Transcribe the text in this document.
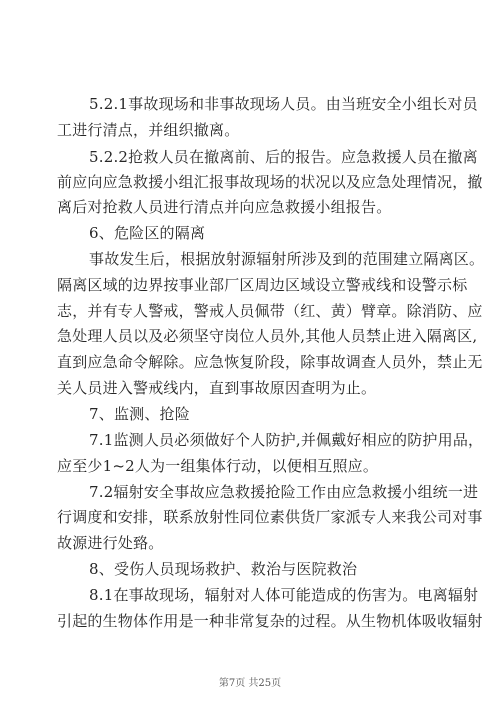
5.2.1事故现场和非事故现场人员。由当班安全小组长对员

工进行清点，并组织撤离。

5.2.2抢救人员在撤离前、后的报告。应急救援人员在撤离

前应向应急救援小组汇报事故现场的状况以及应急处理情况，撤

离后对抢救人员进行清点并向应急救援小组报告。

6、危险区的隔离

事故发生后，根据放射源辐射所涉及到的范围建立隔离区。

隔离区域的边界按事业部厂区周边区域设立警戒线和设警示标

志，并有专人警戒，警戒人员佩带（红、黄）臂章。除消防、应

急处理人员以及必须坚守岗位人员外,其他人员禁止进入隔离区,

直到应急命令解除。应急恢复阶段，除事故调查人员外，禁止无

关人员进入警戒线内，直到事故原因查明为止。

7、监测、抢险

7.1监测人员必须做好个人防护,并佩戴好相应的防护用品，

应至少1~2人为一组集体行动，以便相互照应。

7.2辐射安全事故应急救援抢险工作由应急救援小组统一进

行调度和安排，联系放射性同位素供货厂家派专人来我公司对事

故源进行处臵。

8、受伤人员现场救护、救治与医院救治

8.1在事故现场，辐射对人体可能造成的伤害为。电离辐射

引起的生物体作用是一种非常复杂的过程。从生物机体吸收辐射

第7页 共25页
